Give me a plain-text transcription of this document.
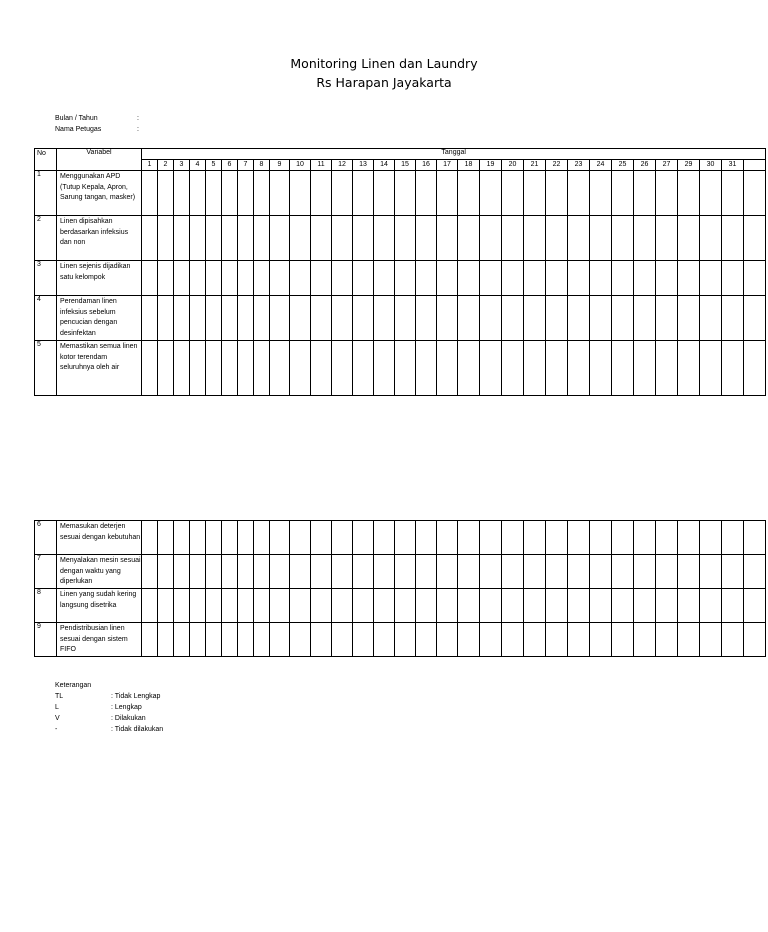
Monitoring Linen dan Laundry
Rs Harapan Jayakarta
Bulan / Tahun	:
Nama Petugas	:
No	Variabel	Tanggal																														
		1	2	3	4	5	6	7	8	9	10	11	12	13	14	15	16	17	18	19	20	21	22	23	24	25	26	27	29	30	31	
1	Menggunakan APD (Tutup Kepala, Apron, Sarung tangan, masker)																															
2	Linen dipisahkan berdasarkan infeksius dan non																															
3	Linen sejenis dijadikan satu kelompok																															
4	Perendaman linen infeksius sebelum pencucian dengan desinfektan																															
5	Memastikan semua linen kotor terendam seluruhnya oleh air																															
6	Memasukan deterjen sesuai dengan kebutuhan																															
7	Menyalakan mesin sesuai dengan waktu yang diperlukan																															
8	Linen yang sudah kering langsung disetrika																															
9	Pendistribusian linen sesuai dengan sistem FIFO																															
Keterangan
TL	: Tidak Lengkap
L	: Lengkap
V	: Dilakukan
-	: Tidak dilakukan
